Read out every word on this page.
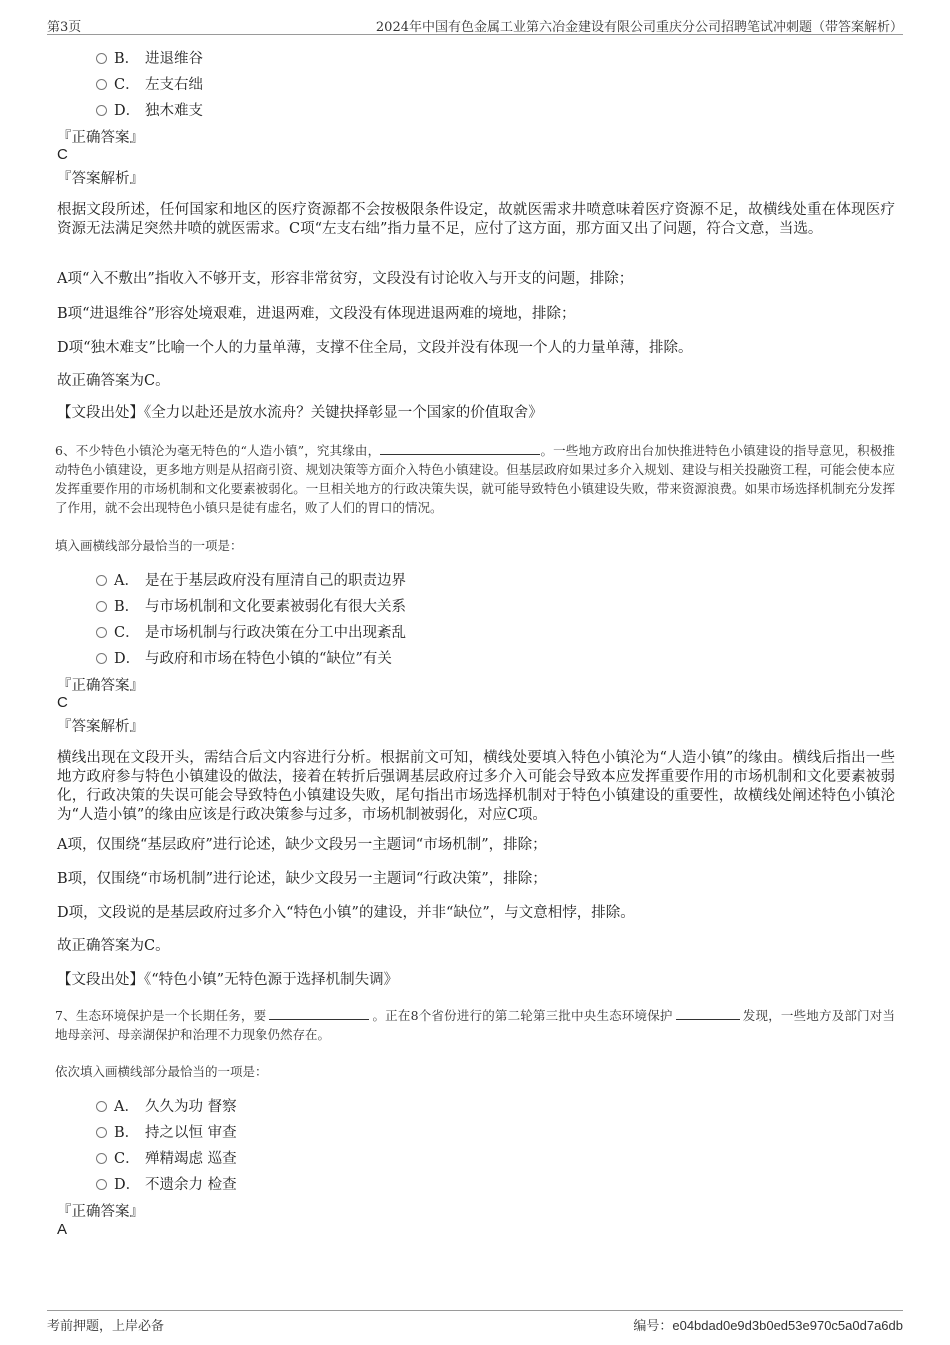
第3页	2024年中国有色金属工业第六冶金建设有限公司重庆分公司招聘笔试冲刺题（带答案解析）
B． 进退维谷
C． 左支右绌
D． 独木难支
『正确答案』
C
『答案解析』
根据文段所述，任何国家和地区的医疗资源都不会按极限条件设定，故就医需求井喷意味着医疗资源不足，故横线处重在体现医疗资源无法满足突然井喷的就医需求。C项“左支右绌”指力量不足，应付了这方面，那方面又出了问题，符合文意，当选。
A项“入不敷出”指收入不够开支，形容非常贫穷，文段没有讨论收入与开支的问题，排除；
B项“进退维谷”形容处境艰难，进退两难，文段没有体现进退两难的境地，排除；
D项“独木难支”比喻一个人的力量单薄，支撑不住全局，文段并没有体现一个人的力量单薄，排除。
故正确答案为C。
【文段出处】《全力以赴还是放水流舟？关键抉择彰显一个国家的价值取舍》
6、不少特色小镇沦为毫无特色的“人造小镇”，究其缘由，	。一些地方政府出台加快推进特色小镇建设的指导意见，积极推动特色小镇建设，更多地方则是从招商引资、规划决策等方面介入特色小镇建设。但基层政府如果过多介入规划、建设与相关投融资工程，可能会使本应发挥重要作用的市场机制和文化要素被弱化。一旦相关地方的行政决策失误，就可能导致特色小镇建设失败，带来资源浪费。如果市场选择机制充分发挥了作用，就不会出现特色小镇只是徒有虚名，败了人们的胃口的情况。
填入画横线部分最恰当的一项是：
A． 是在于基层政府没有厘清自己的职责边界
B． 与市场机制和文化要素被弱化有很大关系
C． 是市场机制与行政决策在分工中出现紊乱
D． 与政府和市场在特色小镇的“缺位”有关
『正确答案』
C
『答案解析』
横线出现在文段开头，需结合后文内容进行分析。根据前文可知，横线处要填入特色小镇沦为“人造小镇”的缘由。横线后指出一些地方政府参与特色小镇建设的做法，接着在转折后强调基层政府过多介入可能会导致本应发挥重要作用的市场机制和文化要素被弱化，行政决策的失误可能会导致特色小镇建设失败，尾句指出市场选择机制对于特色小镇建设的重要性，故横线处阐述特色小镇沦为“人造小镇”的缘由应该是行政决策参与过多，市场机制被弱化，对应C项。
A项，仅围绕“基层政府”进行论述，缺少文段另一主题词“市场机制”，排除；
B项，仅围绕“市场机制”进行论述，缺少文段另一主题词“行政决策”，排除；
D项，文段说的是基层政府过多介入“特色小镇”的建设，并非“缺位”，与文意相悖，排除。
故正确答案为C。
【文段出处】《“特色小镇”无特色源于选择机制失调》
7、生态环境保护是一个长期任务，要	。正在8个省份进行的第二轮第三批中央生态环境保护	发现，一些地方及部门对当地母亲河、母亲湖保护和治理不力现象仍然存在。
依次填入画横线部分最恰当的一项是：
A． 久久为功 督察
B． 持之以恒 审查
C． 殚精竭虑 巡查
D． 不遗余力 检查
『正确答案』
A
考前押题，上岸必备	编号：e04bdad0e9d3b0ed53e970c5a0d7a6db
